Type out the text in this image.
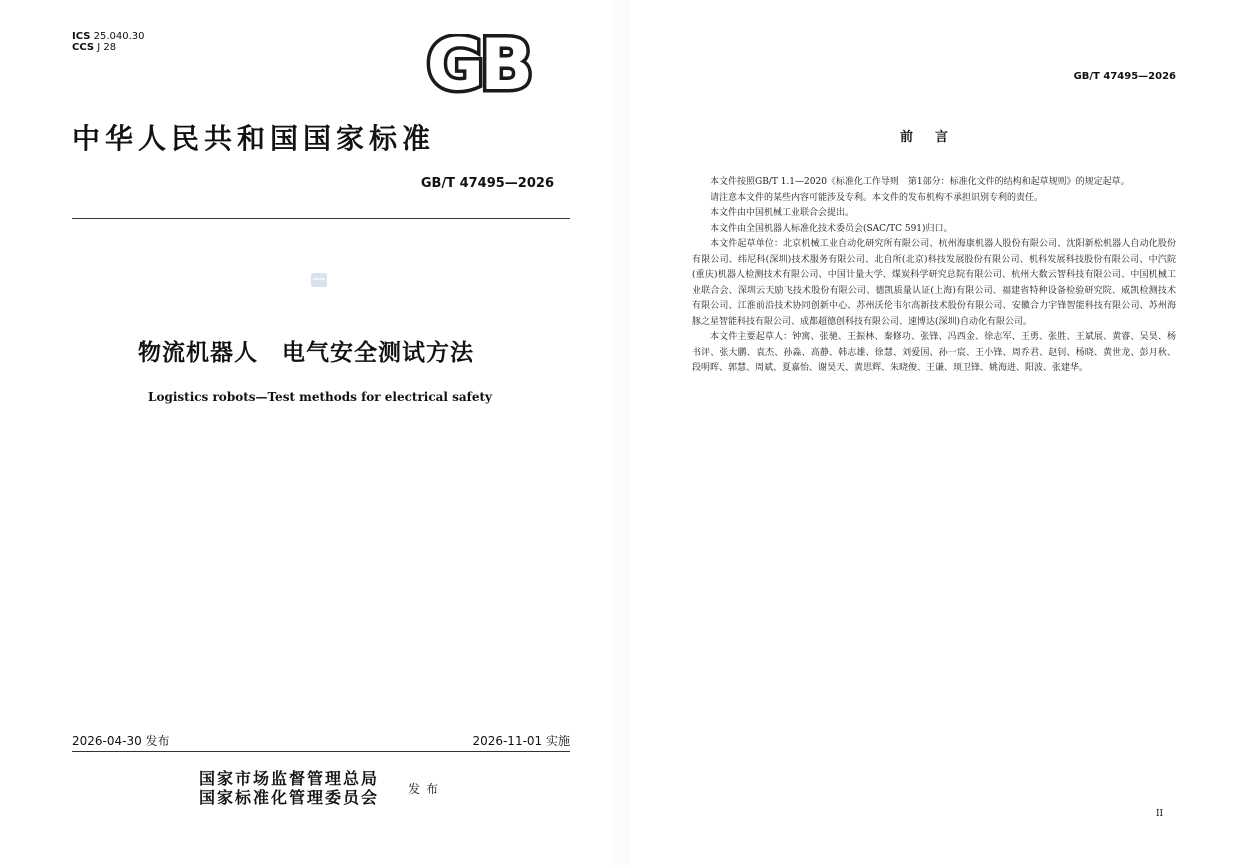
ICS 25.040.30
CCS J 28	GB
中华人民共和国国家标准
GB/T 47495—2026
物流机器人　电气安全测试方法
Logistics robots—Test methods for electrical safety
2026-04-30 发布	2026-11-01 实施
国家市场监督管理总局
国家标准化管理委员会 发布
GB/T 47495—2026
前言

本文件按照GB/T 1.1—2020《标准化工作导则　第1部分：标准化文件的结构和起草规则》的规定起草。

请注意本文件的某些内容可能涉及专利。本文件的发布机构不承担识别专利的责任。

本文件由中国机械工业联合会提出。

本文件由全国机器人标准化技术委员会(SAC/TC 591)归口。

本文件起草单位：北京机械工业自动化研究所有限公司、杭州海康机器人股份有限公司、沈阳新松机器人自动化股份有限公司、纬尼科(深圳)技术服务有限公司、北自所(北京)科技发展股份有限公司、机科发展科技股份有限公司、中汽院(重庆)机器人检测技术有限公司、中国计量大学、煤炭科学研究总院有限公司、杭州大数云智科技有限公司、中国机械工业联合会、深圳云天励飞技术股份有限公司、德凯质量认证(上海)有限公司、福建省特种设备检验研究院、威凯检测技术有限公司、江淮前沿技术协同创新中心、苏州沃伦韦尔高新技术股份有限公司、安徽合力宇锋智能科技有限公司、苏州海豚之星智能科技有限公司、成都超德创科技有限公司、速博达(深圳)自动化有限公司。

本文件主要起草人：钟寓、张驰、王振林、秦修功、张锋、冯西金、徐志军、王勇、张胜、王斌展、黄睿、吴昊、杨书评、张大鹏、袁杰、孙淼、高静、韩志雄、徐慧、刘爱国、孙一宸、王小锋、周乔君、赵钊、杨晓、黄世龙、彭月秋、段明晖、郭慧、周斌、夏嘉怡、谢昊天、黄思辉、朱晓俊、王谦、顼卫锋、姚海进、阳波、张建华。

II
